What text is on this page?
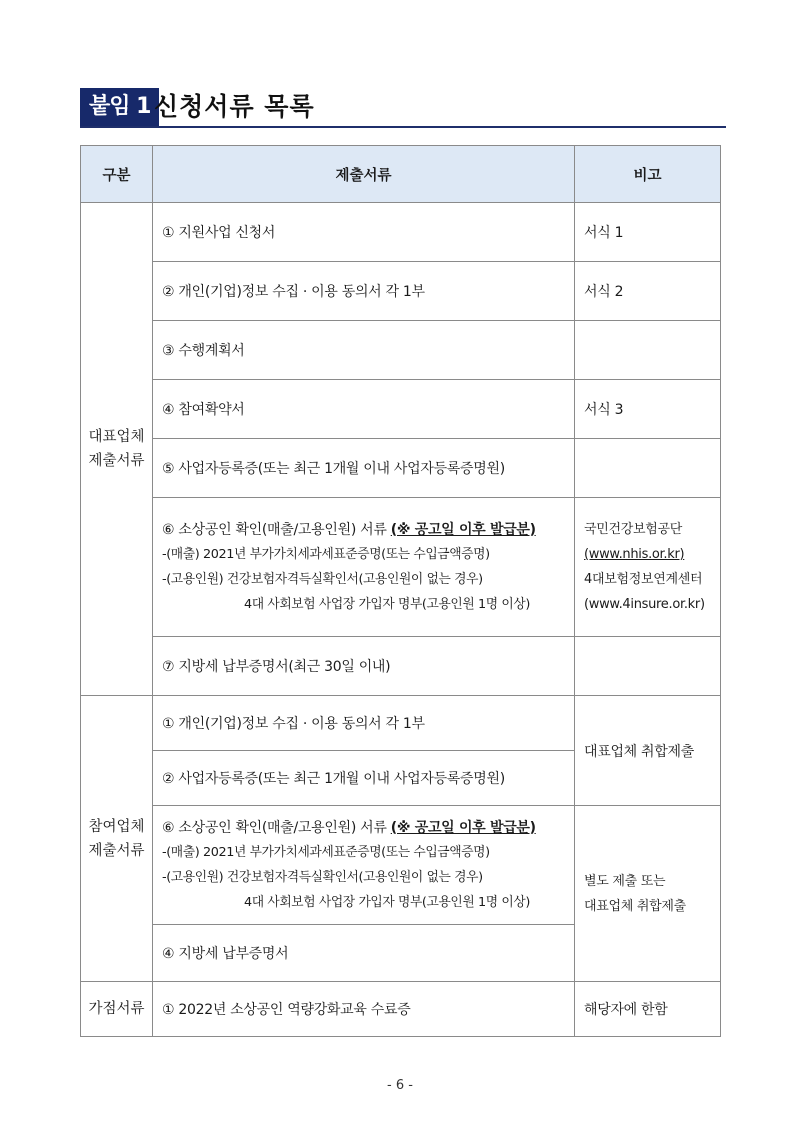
붙임 1 신청서류 목록
구분	제출서류	비고

대표업체
제출서류	① 지원사업 신청서	서식 1
	② 개인(기업)정보 수집 · 이용 동의서 각 1부	서식 2
	③ 수행계획서	
	④ 참여확약서	서식 3
	⑤ 사업자등록증(또는 최근 1개월 이내 사업자등록증명원)	

	⑥ 소상공인 확인(매출/고용인원) 서류 (※ 공고일 이후 발급분)
-(매출) 2021년 부가가치세과세표준증명(또는 수입금액증명)
-(고용인원) 건강보험자격득실확인서(고용인원이 없는 경우)
4대 사회보험 사업장 가입자 명부(고용인원 1명 이상)	국민건강보험공단
(www.nhis.or.kr)
4대보험정보연계센터
(www.4insure.or.kr)

	⑦ 지방세 납부증명서(최근 30일 이내)	

참여업체
제출서류	① 개인(기업)정보 수집 · 이용 동의서 각 1부	대표업체 취합제출
	② 사업자등록증(또는 최근 1개월 이내 사업자등록증명원)	

	⑥ 소상공인 확인(매출/고용인원) 서류 (※ 공고일 이후 발급분)
-(매출) 2021년 부가가치세과세표준증명(또는 수입금액증명)
-(고용인원) 건강보험자격득실확인서(고용인원이 없는 경우)
4대 사회보험 사업장 가입자 명부(고용인원 1명 이상)	별도 제출 또는
대표업체 취합제출

	④ 지방세 납부증명서	
가점서류	① 2022년 소상공인 역량강화교육 수료증	해당자에 한함
- 6 -
